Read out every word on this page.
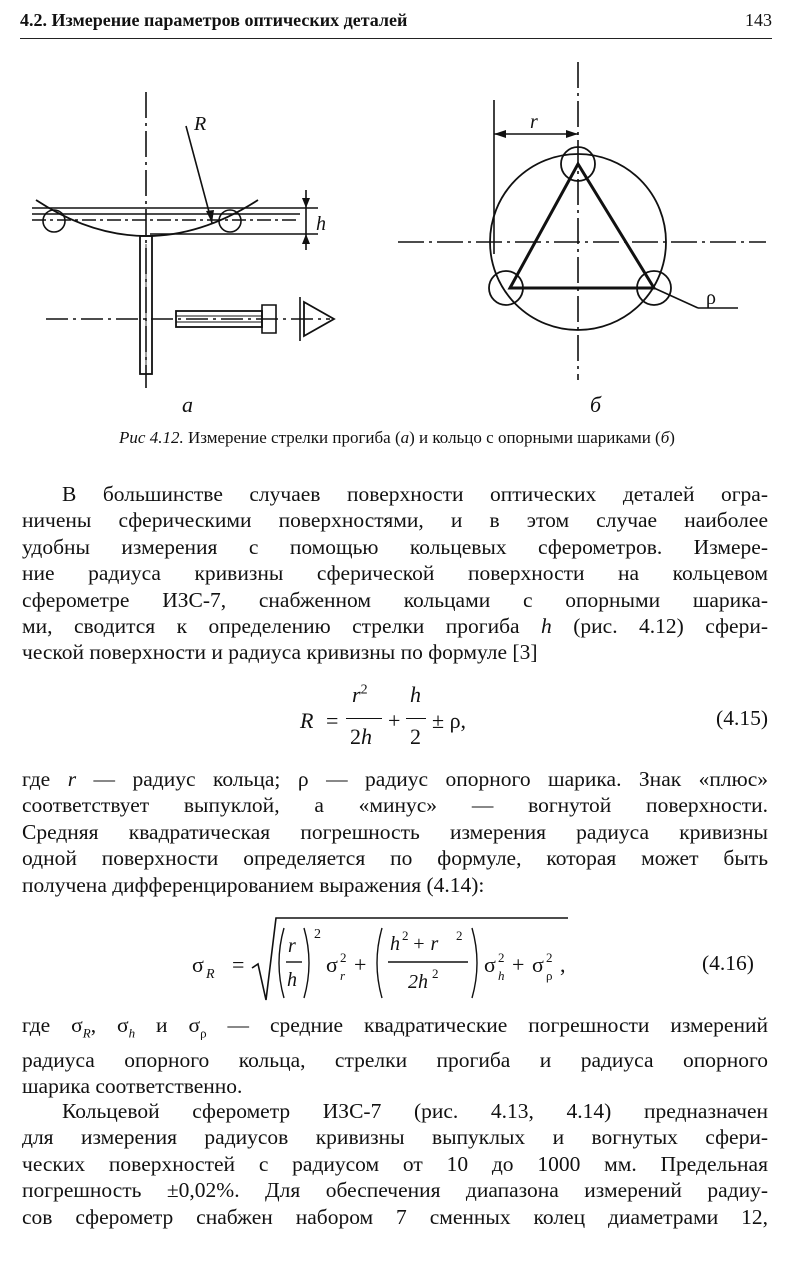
4.2. Измерение параметров оптических деталей	143
R
h
а
r
ρ
б
Рис 4.12. Измерение стрелки прогиба (а) и кольцо с опорными шариками (б)
В большинстве случаев поверхности оптических деталей огра-
ничены сферическими поверхностями, и в этом случае наиболее
удобны измерения с помощью кольцевых сферометров. Измере-
ние радиуса кривизны сферической поверхности на кольцевом
сферометре ИЗС-7, снабженном кольцами с опорными шарика-
ми, сводится к определению стрелки прогиба h (рис. 4.12) сфери-
ческой поверхности и радиуса кривизны по формуле [3]
R =
$r^2$
2h
+
h
2
± ρ,	(4.15)
где r — радиус кольца; ρ — радиус опорного шарика. Знак «плюс»
соответствует выпуклой, а «минус» — вогнутой поверхности.
Средняя квадратическая погрешность измерения радиуса кривизны
одной поверхности определяется по формуле, которая может быть
получена дифференцированием выражения (4.14):
σ R =
r
h
2
σ 2
r +
h 2 + r 2
2h 2 σ 2
h + σ 2
ρ ,	(4.16)
где $\sigma_R$, $\sigma_h$ и $\sigma_\rho$ — средние квадратические погрешности измерений
радиуса опорного кольца, стрелки прогиба и радиуса опорного
шарика соответственно.
Кольцевой сферометр ИЗС-7 (рис. 4.13, 4.14) предназначен
для измерения радиусов кривизны выпуклых и вогнутых сфери-
ческих поверхностей с радиусом от 10 до 1000 мм. Предельная
погрешность ±0,02%. Для обеспечения диапазона измерений радиу-
сов сферометр снабжен набором 7 сменных колец диаметрами 12,
